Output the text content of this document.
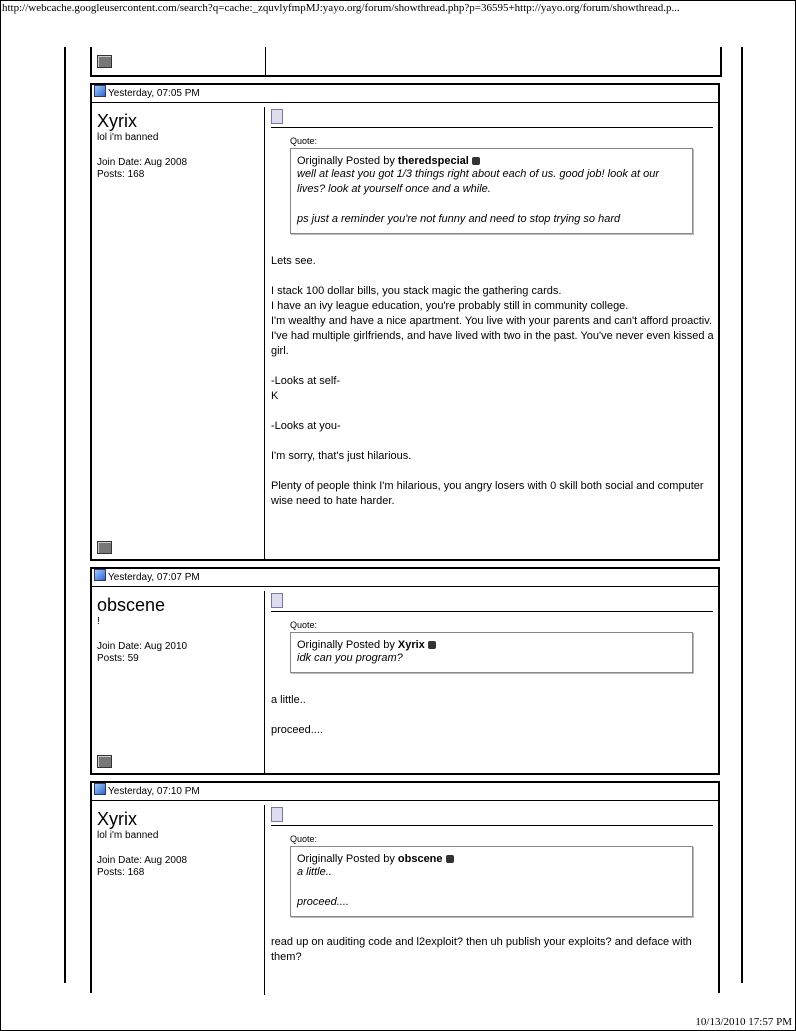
http://webcache.googleusercontent.com/search?q=cache:_zquvlyfmpMJ:yayo.org/forum/showthread.php?p=36595+http://yayo.org/forum/showthread.p...
Yesterday, 07:05 PM
Xyrix
lol i'm banned
Join Date: Aug 2008
Posts: 168
Quote:
Originally Posted by theredspecial
well at least you got 1/3 things right about each of us. good job! look at our lives? look at yourself once and a while.

ps just a reminder you're not funny and need to stop trying so hard
Lets see.

I stack 100 dollar bills, you stack magic the gathering cards.
I have an ivy league education, you're probably still in community college.
I'm wealthy and have a nice apartment. You live with your parents and can't afford proactiv.
I've had multiple girlfriends, and have lived with two in the past. You've never even kissed a girl.

-Looks at self-
K

-Looks at you-

I'm sorry, that's just hilarious.

Plenty of people think I'm hilarious, you angry losers with 0 skill both social and computer wise need to hate harder.
Yesterday, 07:07 PM
obscene
!
Join Date: Aug 2010
Posts: 59
Quote:
Originally Posted by Xyrix
idk can you program?
a little..

proceed....
Yesterday, 07:10 PM
Xyrix
lol i'm banned
Join Date: Aug 2008
Posts: 168
Quote:
Originally Posted by obscene
a little..

proceed....
read up on auditing code and l2exploit? then uh publish your exploits? and deface with them?
10/13/2010 17:57 PM
